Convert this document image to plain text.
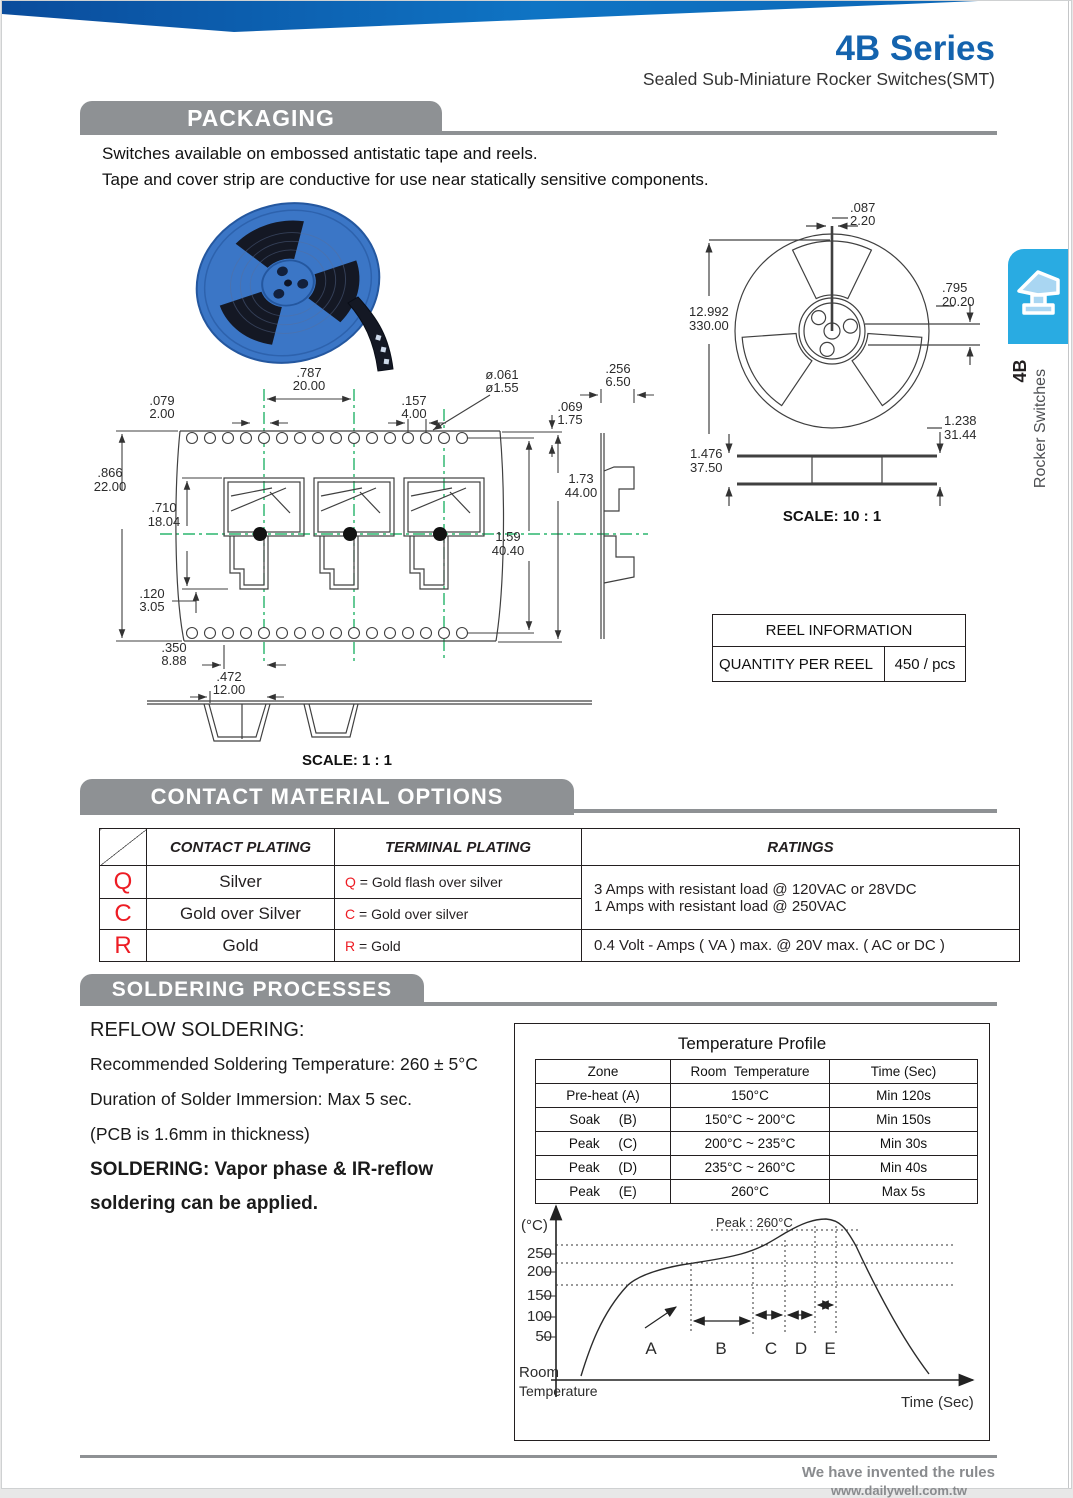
4B Series
Sealed Sub-Miniature Rocker Switches(SMT)
4B Rocker Switches
PACKAGING
Switches available on embossed antistatic tape and reels.
Tape and cover strip are conductive for use near statically sensitive components.
.087
2.20
12.992
330.00
.795
20.20
1.476
37.50
1.238
31.44
SCALE: 10 : 1
REEL INFORMATION
QUANTITY PER REEL	450 / pcs
.787
20.00
.079
2.00
.157
4.00
ø.061
ø1.55
.069
1.75
.256
6.50
.866
22.00
.710
18.04
.120
3.05
.350
8.88
.472
12.00
1.59
40.40
1.73
44.00
SCALE: 1 : 1
CONTACT MATERIAL OPTIONS
	CONTACT PLATING	TERMINAL PLATING	RATINGS
Q	Silver	Q = Gold flash over silver	3 Amps with resistant load @ 120VAC or 28VDC
1 Amps with resistant load @ 250VAC

C	Gold over Silver	C = Gold over silver	
R	Gold	R = Gold	0.4 Volt - Amps ( VA ) max. @ 20V max. ( AC or DC )
SOLDERING PROCESSES
REFLOW SOLDERING:
Recommended Soldering Temperature: 260 ± 5°C
Duration of Solder Immersion: Max 5 sec.
(PCB is 1.6mm in thickness)
SOLDERING: Vapor phase & IR-reflow
soldering can be applied.
Temperature Profile
Zone	Room  Temperature	Time (Sec)
Pre-heat (A)	150°C	Min 120s
Soak     (B)	150°C ~ 200°C	Min 150s
Peak     (C)	200°C ~ 235°C	Min 30s
Peak     (D)	235°C ~ 260°C	Min 40s
Peak     (E)	260°C	Max 5s
(°C)
250
200
150
100
50
Room
Temperature
Time (Sec)
Peak : 260°C
A	B C D E
We have invented the rules
www.dailywell.com.tw
